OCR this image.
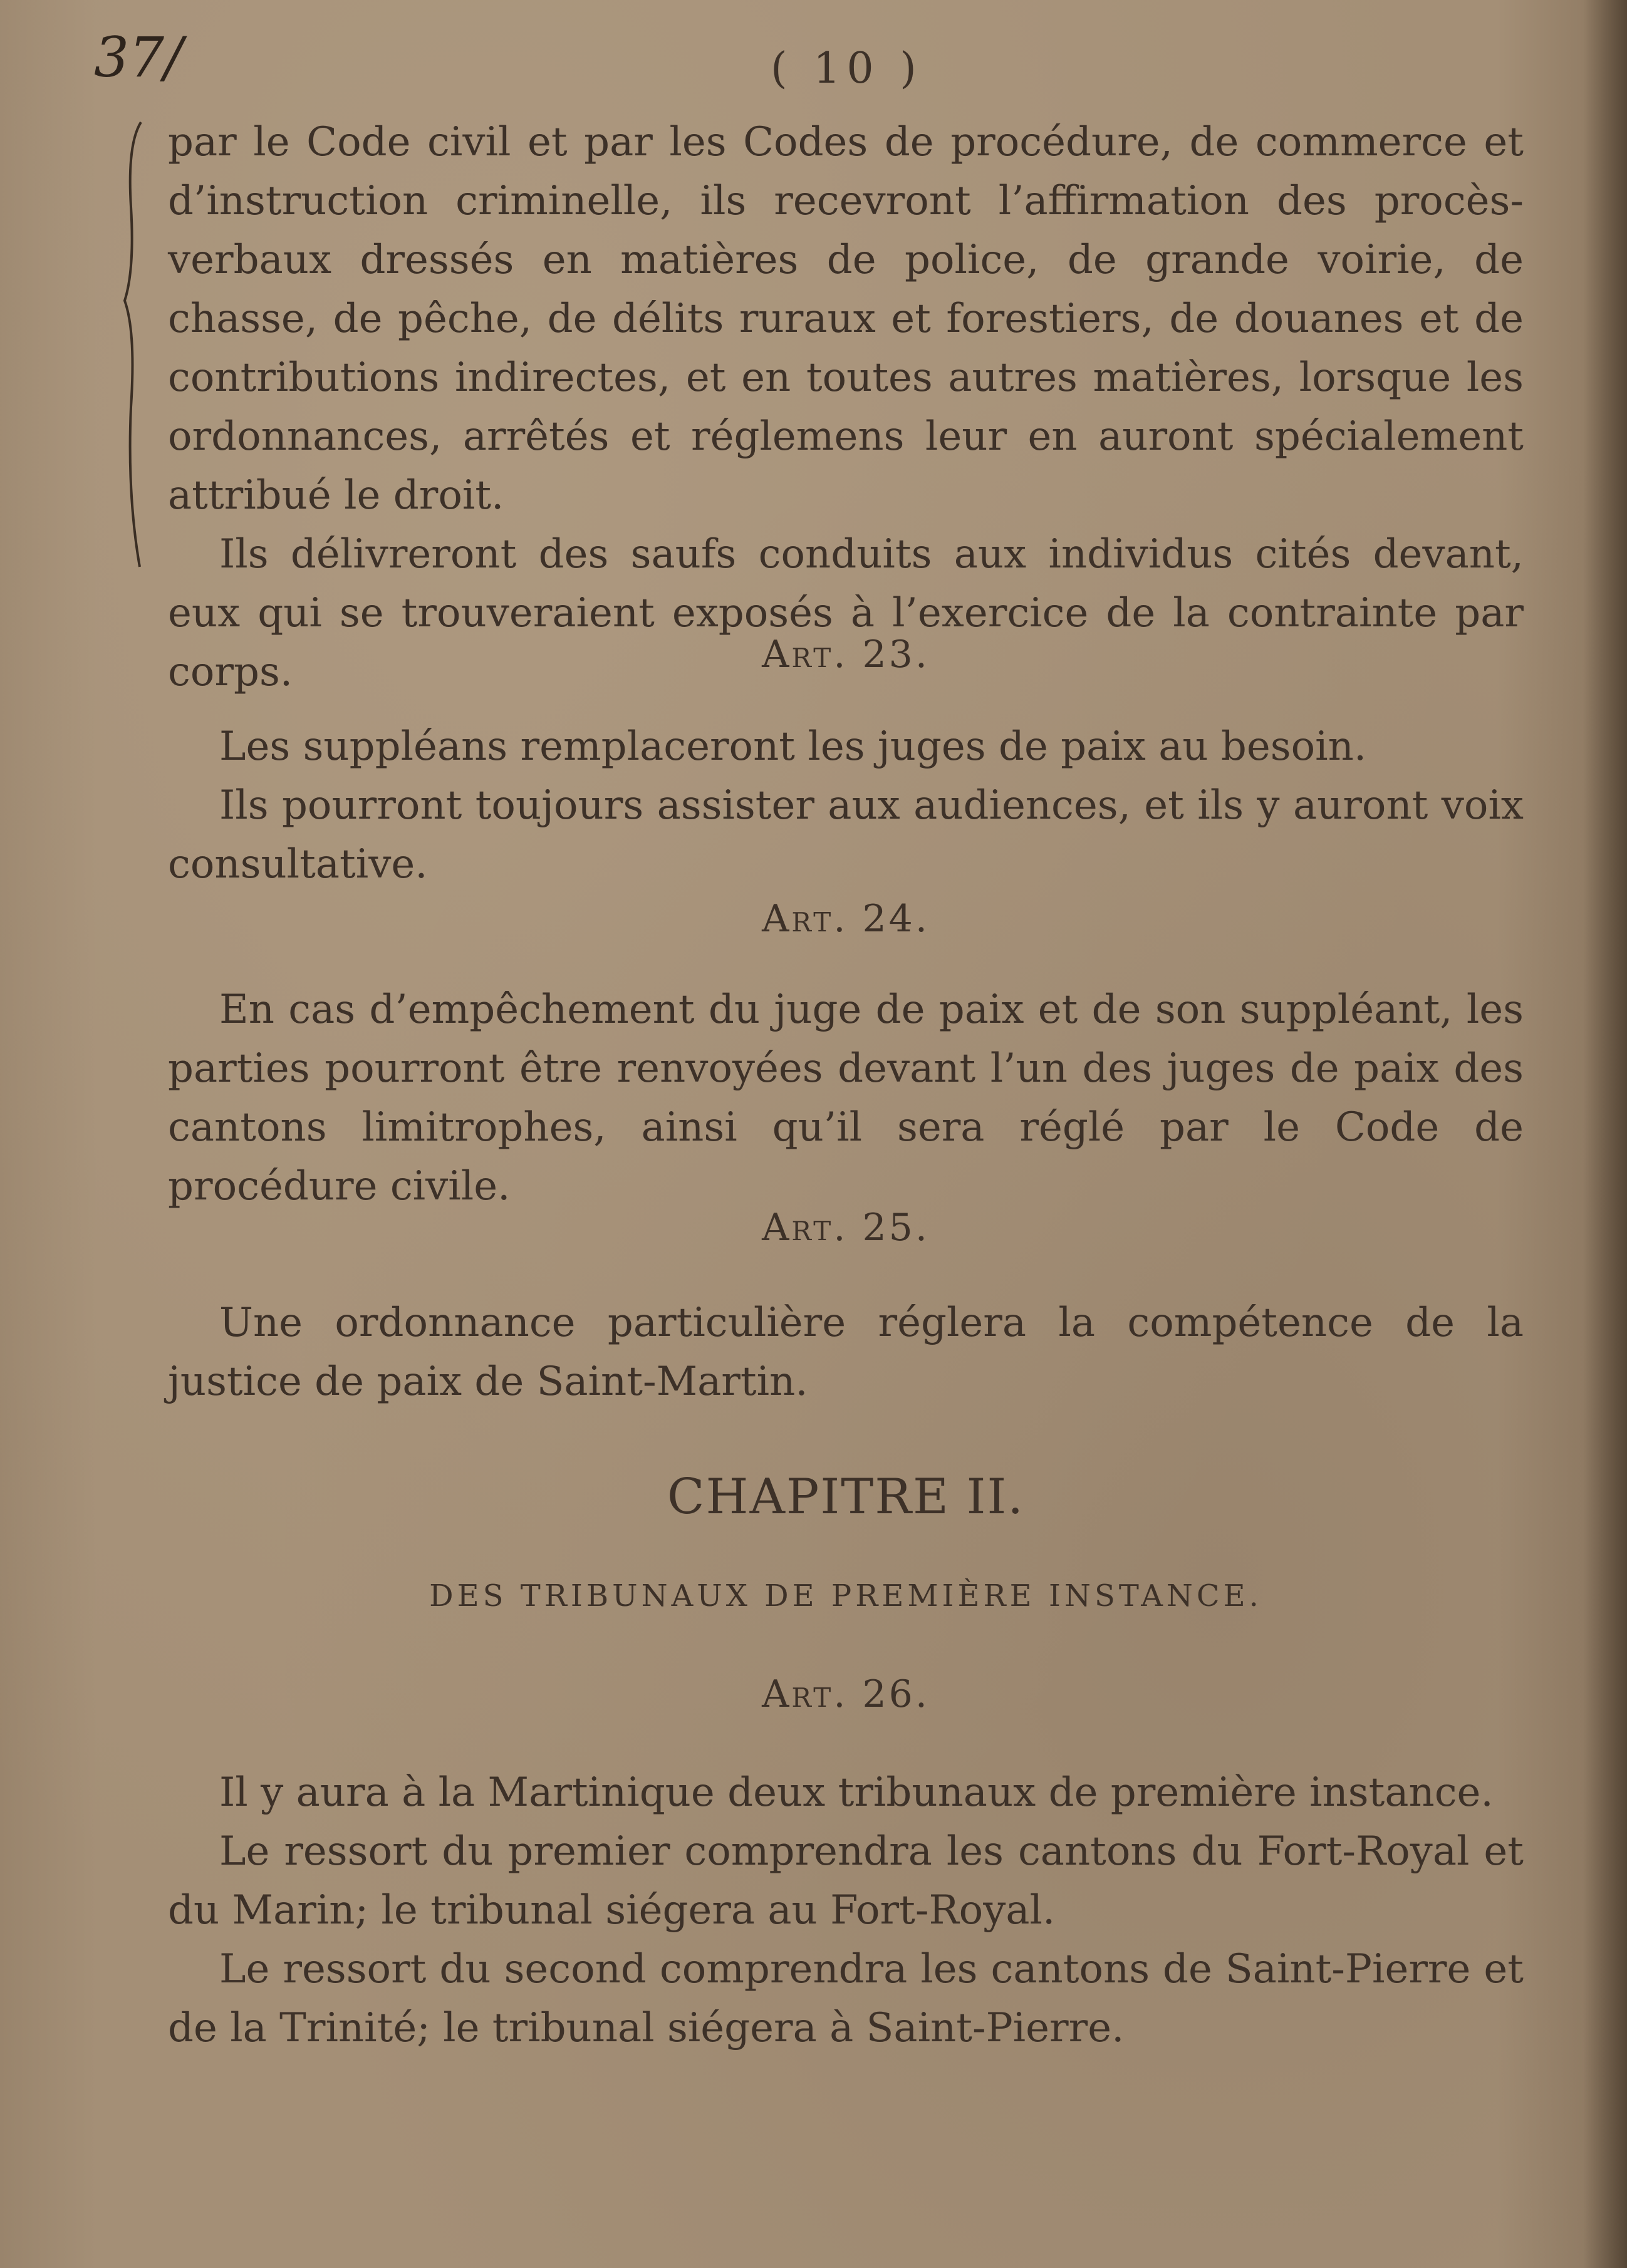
37/	( 10 )

par le Code civil et par les Codes de procédure, de commerce et d’instruction criminelle, ils recevront l’affirmation des procès-verbaux dressés en matières de police, de grande voirie, de chasse, de pêche, de délits ruraux et forestiers, de douanes et de contributions indirectes, et en toutes autres matières, lorsque les ordonnances, arrêtés et réglemens leur en auront spécialement attribué le droit.

Ils délivreront des saufs conduits aux individus cités devant, eux qui se trouveraient exposés à l’exercice de la contrainte par corps.	Art. 23.

Les suppléans remplaceront les juges de paix au besoin.

Ils pourront toujours assister aux audiences, et ils y auront voix consultative.

Art. 24.

En cas d’empêchement du juge de paix et de son suppléant, les parties pourront être renvoyées devant l’un des juges de paix des cantons limitrophes, ainsi qu’il sera réglé par le Code de procédure civile.

Art. 25.

Une ordonnance particulière réglera la compétence de la justice de paix de Saint-Martin.

CHAPITRE II.
DES TRIBUNAUX DE PREMIÈRE INSTANCE.
Art. 26.

Il y aura à la Martinique deux tribunaux de première instance.

Le ressort du premier comprendra les cantons du Fort-Royal et du Marin; le tribunal siégera au Fort-Royal.

Le ressort du second comprendra les cantons de Saint-Pierre et de la Trinité; le tribunal siégera à Saint-Pierre.
